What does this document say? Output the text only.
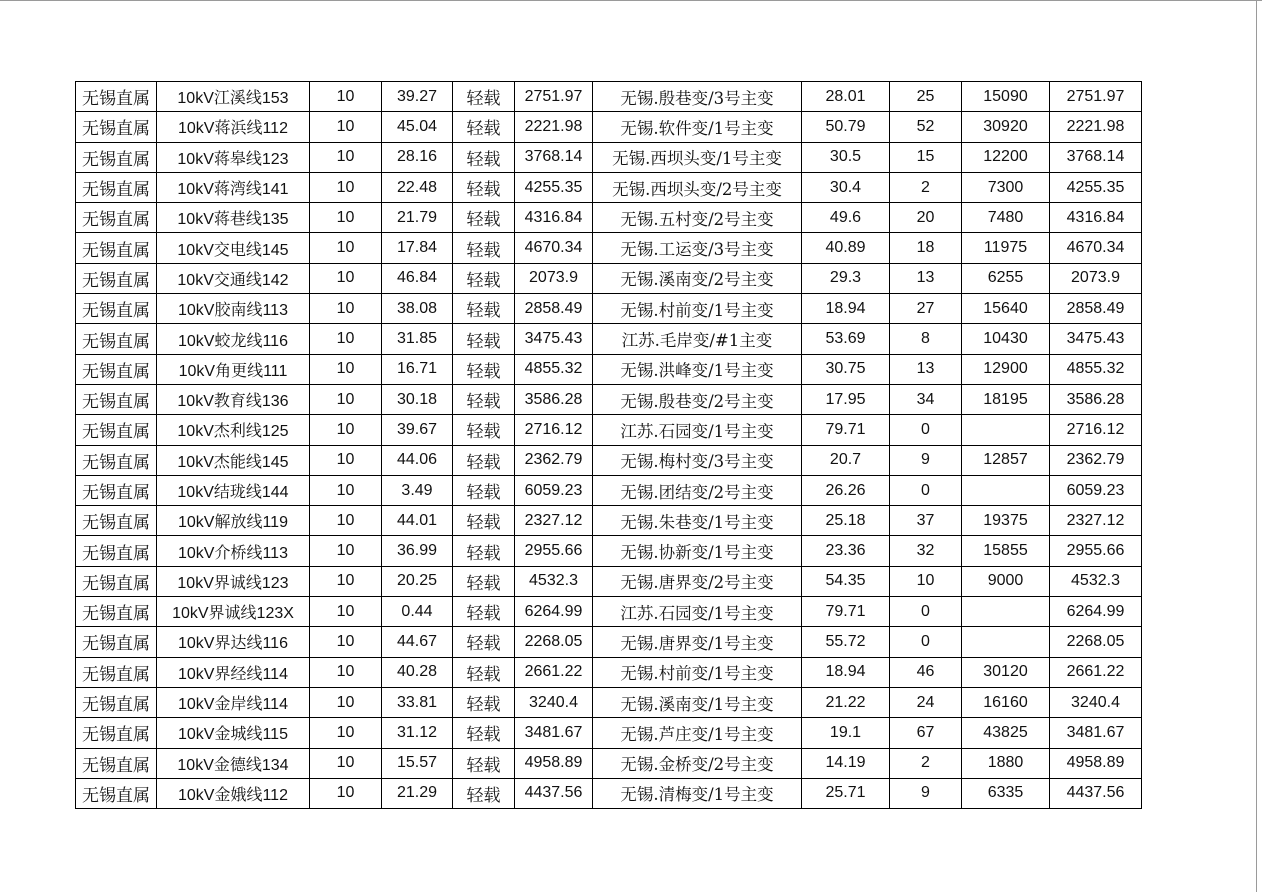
无锡直属	10kV江溪线153	10	39.27	轻载	2751.97	无锡.殷巷变/3号主变	28.01	25	15090	2751.97
无锡直属	10kV蒋浜线112	10	45.04	轻载	2221.98	无锡.软件变/1号主变	50.79	52	30920	2221.98
无锡直属	10kV蒋皋线123	10	28.16	轻载	3768.14	无锡.西坝头变/1号主变	30.5	15	12200	3768.14
无锡直属	10kV蒋湾线141	10	22.48	轻载	4255.35	无锡.西坝头变/2号主变	30.4	2	7300	4255.35
无锡直属	10kV蒋巷线135	10	21.79	轻载	4316.84	无锡.五村变/2号主变	49.6	20	7480	4316.84
无锡直属	10kV交电线145	10	17.84	轻载	4670.34	无锡.工运变/3号主变	40.89	18	11975	4670.34
无锡直属	10kV交通线142	10	46.84	轻载	2073.9	无锡.溪南变/2号主变	29.3	13	6255	2073.9
无锡直属	10kV胶南线113	10	38.08	轻载	2858.49	无锡.村前变/1号主变	18.94	27	15640	2858.49
无锡直属	10kV蛟龙线116	10	31.85	轻载	3475.43	江苏.毛岸变/#1主变	53.69	8	10430	3475.43
无锡直属	10kV角更线111	10	16.71	轻载	4855.32	无锡.洪峰变/1号主变	30.75	13	12900	4855.32
无锡直属	10kV教育线136	10	30.18	轻载	3586.28	无锡.殷巷变/2号主变	17.95	34	18195	3586.28
无锡直属	10kV杰利线125	10	39.67	轻载	2716.12	江苏.石园变/1号主变	79.71	0		2716.12
无锡直属	10kV杰能线145	10	44.06	轻载	2362.79	无锡.梅村变/3号主变	20.7	9	12857	2362.79
无锡直属	10kV结珑线144	10	3.49	轻载	6059.23	无锡.团结变/2号主变	26.26	0		6059.23
无锡直属	10kV解放线119	10	44.01	轻载	2327.12	无锡.朱巷变/1号主变	25.18	37	19375	2327.12
无锡直属	10kV介桥线113	10	36.99	轻载	2955.66	无锡.协新变/1号主变	23.36	32	15855	2955.66
无锡直属	10kV界诚线123	10	20.25	轻载	4532.3	无锡.唐界变/2号主变	54.35	10	9000	4532.3
无锡直属	10kV界诚线123X	10	0.44	轻载	6264.99	江苏.石园变/1号主变	79.71	0		6264.99
无锡直属	10kV界达线116	10	44.67	轻载	2268.05	无锡.唐界变/1号主变	55.72	0		2268.05
无锡直属	10kV界经线114	10	40.28	轻载	2661.22	无锡.村前变/1号主变	18.94	46	30120	2661.22
无锡直属	10kV金岸线114	10	33.81	轻载	3240.4	无锡.溪南变/1号主变	21.22	24	16160	3240.4
无锡直属	10kV金城线115	10	31.12	轻载	3481.67	无锡.芦庄变/1号主变	19.1	67	43825	3481.67
无锡直属	10kV金德线134	10	15.57	轻载	4958.89	无锡.金桥变/2号主变	14.19	2	1880	4958.89
无锡直属	10kV金娥线112	10	21.29	轻载	4437.56	无锡.清梅变/1号主变	25.71	9	6335	4437.56
